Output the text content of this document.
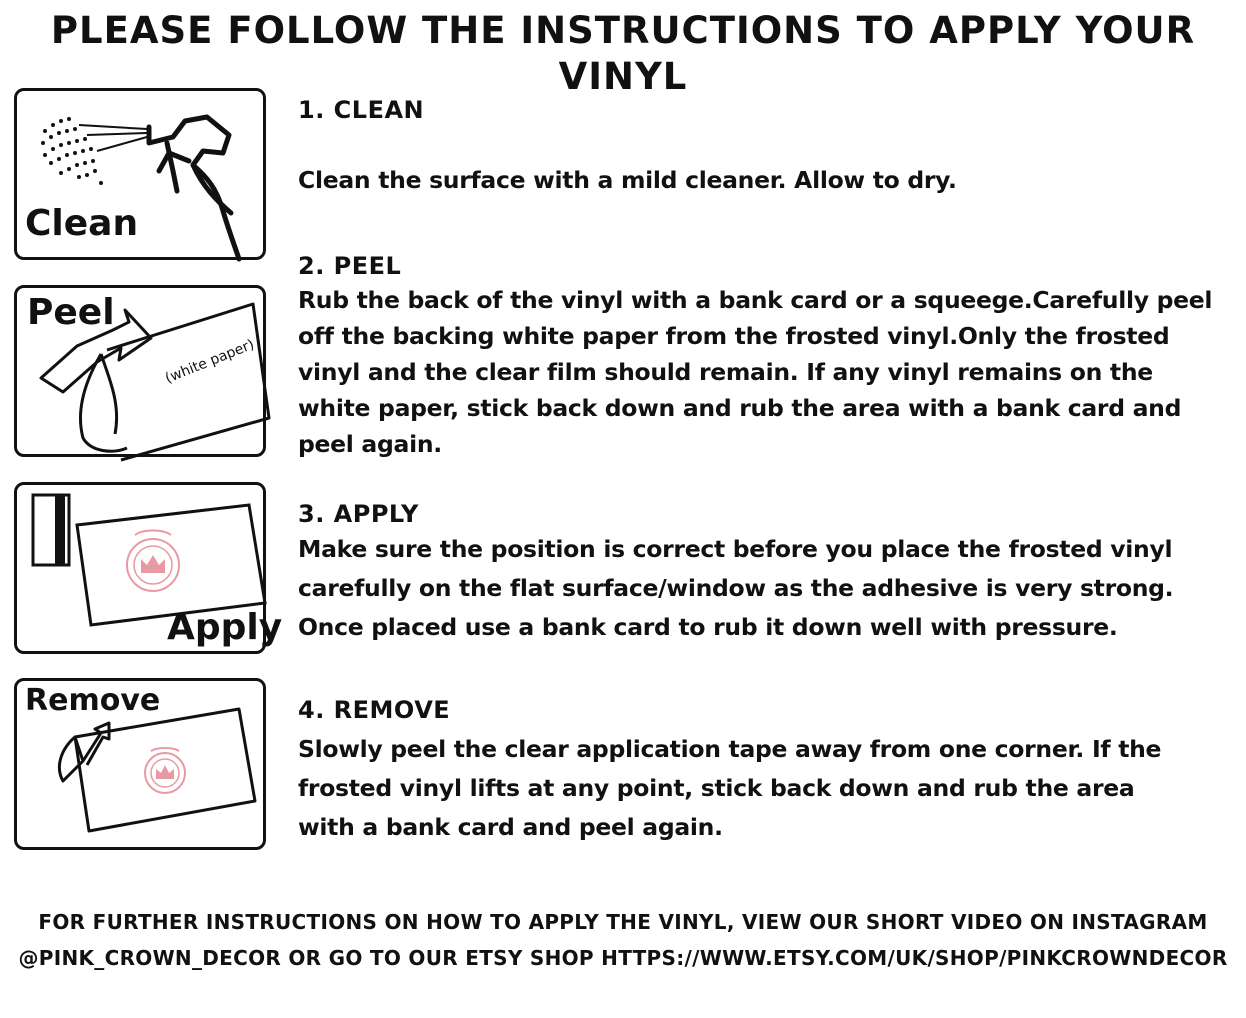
PLEASE FOLLOW THE INSTRUCTIONS TO APPLY YOUR VINYL
Clean
Peel
(white paper)
Apply
Remove
1. CLEAN
Clean the surface with a mild cleaner. Allow to dry.
2. PEEL
Rub the back of the vinyl with a bank card or a squeege.Carefully peel
off the backing white paper from the frosted vinyl.Only the frosted
vinyl and the clear film should remain. If any vinyl remains on the
white paper, stick back down and rub the area with a bank card and
peel again.
3. APPLY
Make sure the position is correct before you place the frosted vinyl
carefully on the flat surface/window as the adhesive is very strong.
Once placed use a bank card to rub it down well with pressure.
4. REMOVE
Slowly peel the clear application tape away from one corner. If the
frosted vinyl lifts at any point, stick back down and rub the area
with a bank card and peel again.
FOR FURTHER INSTRUCTIONS ON HOW TO APPLY THE VINYL, VIEW OUR SHORT VIDEO ON INSTAGRAM
@PINK_CROWN_DECOR OR GO TO OUR ETSY SHOP HTTPS://WWW.ETSY.COM/UK/SHOP/PINKCROWNDECOR
